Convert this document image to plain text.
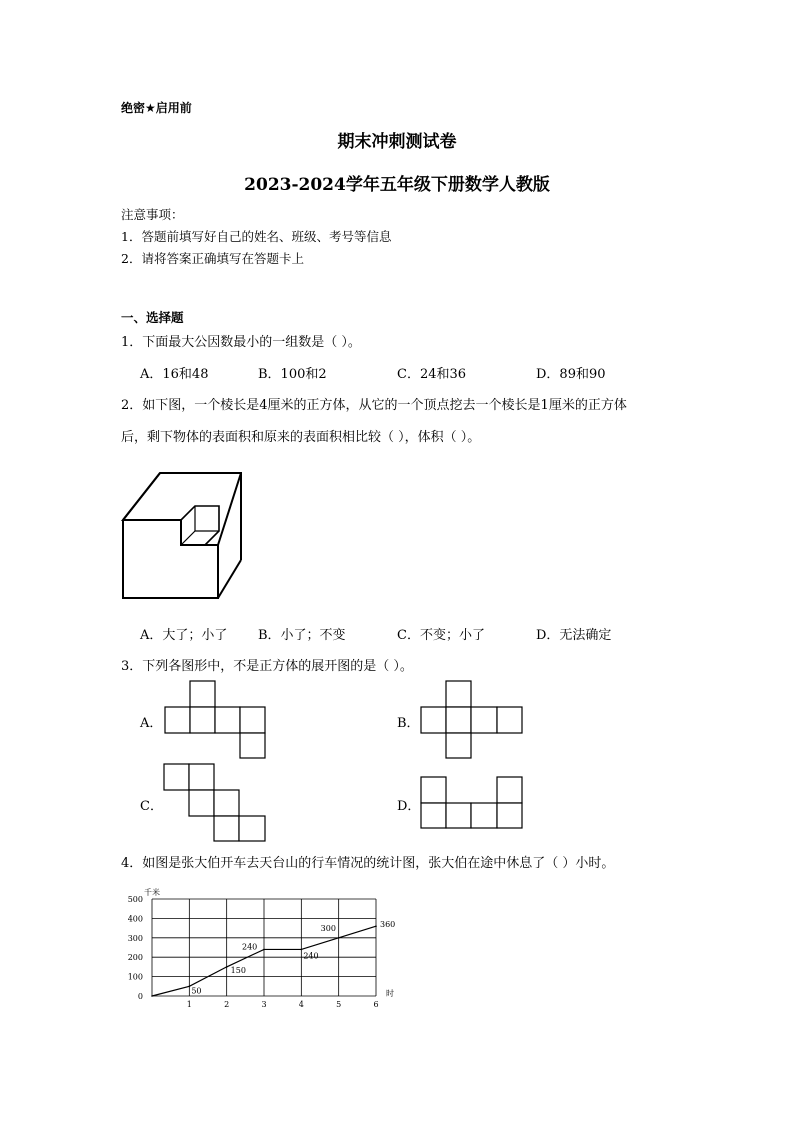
绝密★启用前
期末冲刺测试卷
2023-2024学年五年级下册数学人教版
注意事项：
1．答题前填写好自己的姓名、班级、考号等信息
2．请将答案正确填写在答题卡上
一、选择题
1．下面最大公因数最小的一组数是（ ）。
A．16和48	B．100和2	C．24和36	D．89和90
2．如下图，一个棱长是4厘米的正方体，从它的一个顶点挖去一个棱长是1厘米的正方体
后，剩下物体的表面积和原来的表面积相比较（ ），体积（ ）。
A．大了；小了 B．小了；不变	C．不变；小了	D．无法确定
3．下列各图形中，不是正方体的展开图的是（ ）。
A．	B．
C．	D．
4．如图是张大伯开车去天台山的行车情况的统计图，张大伯在途中休息了（ ）小时。
0
100
200
300
400
500
1	2	3	4	5	6
千米
时
50
150
240
240
300	360
